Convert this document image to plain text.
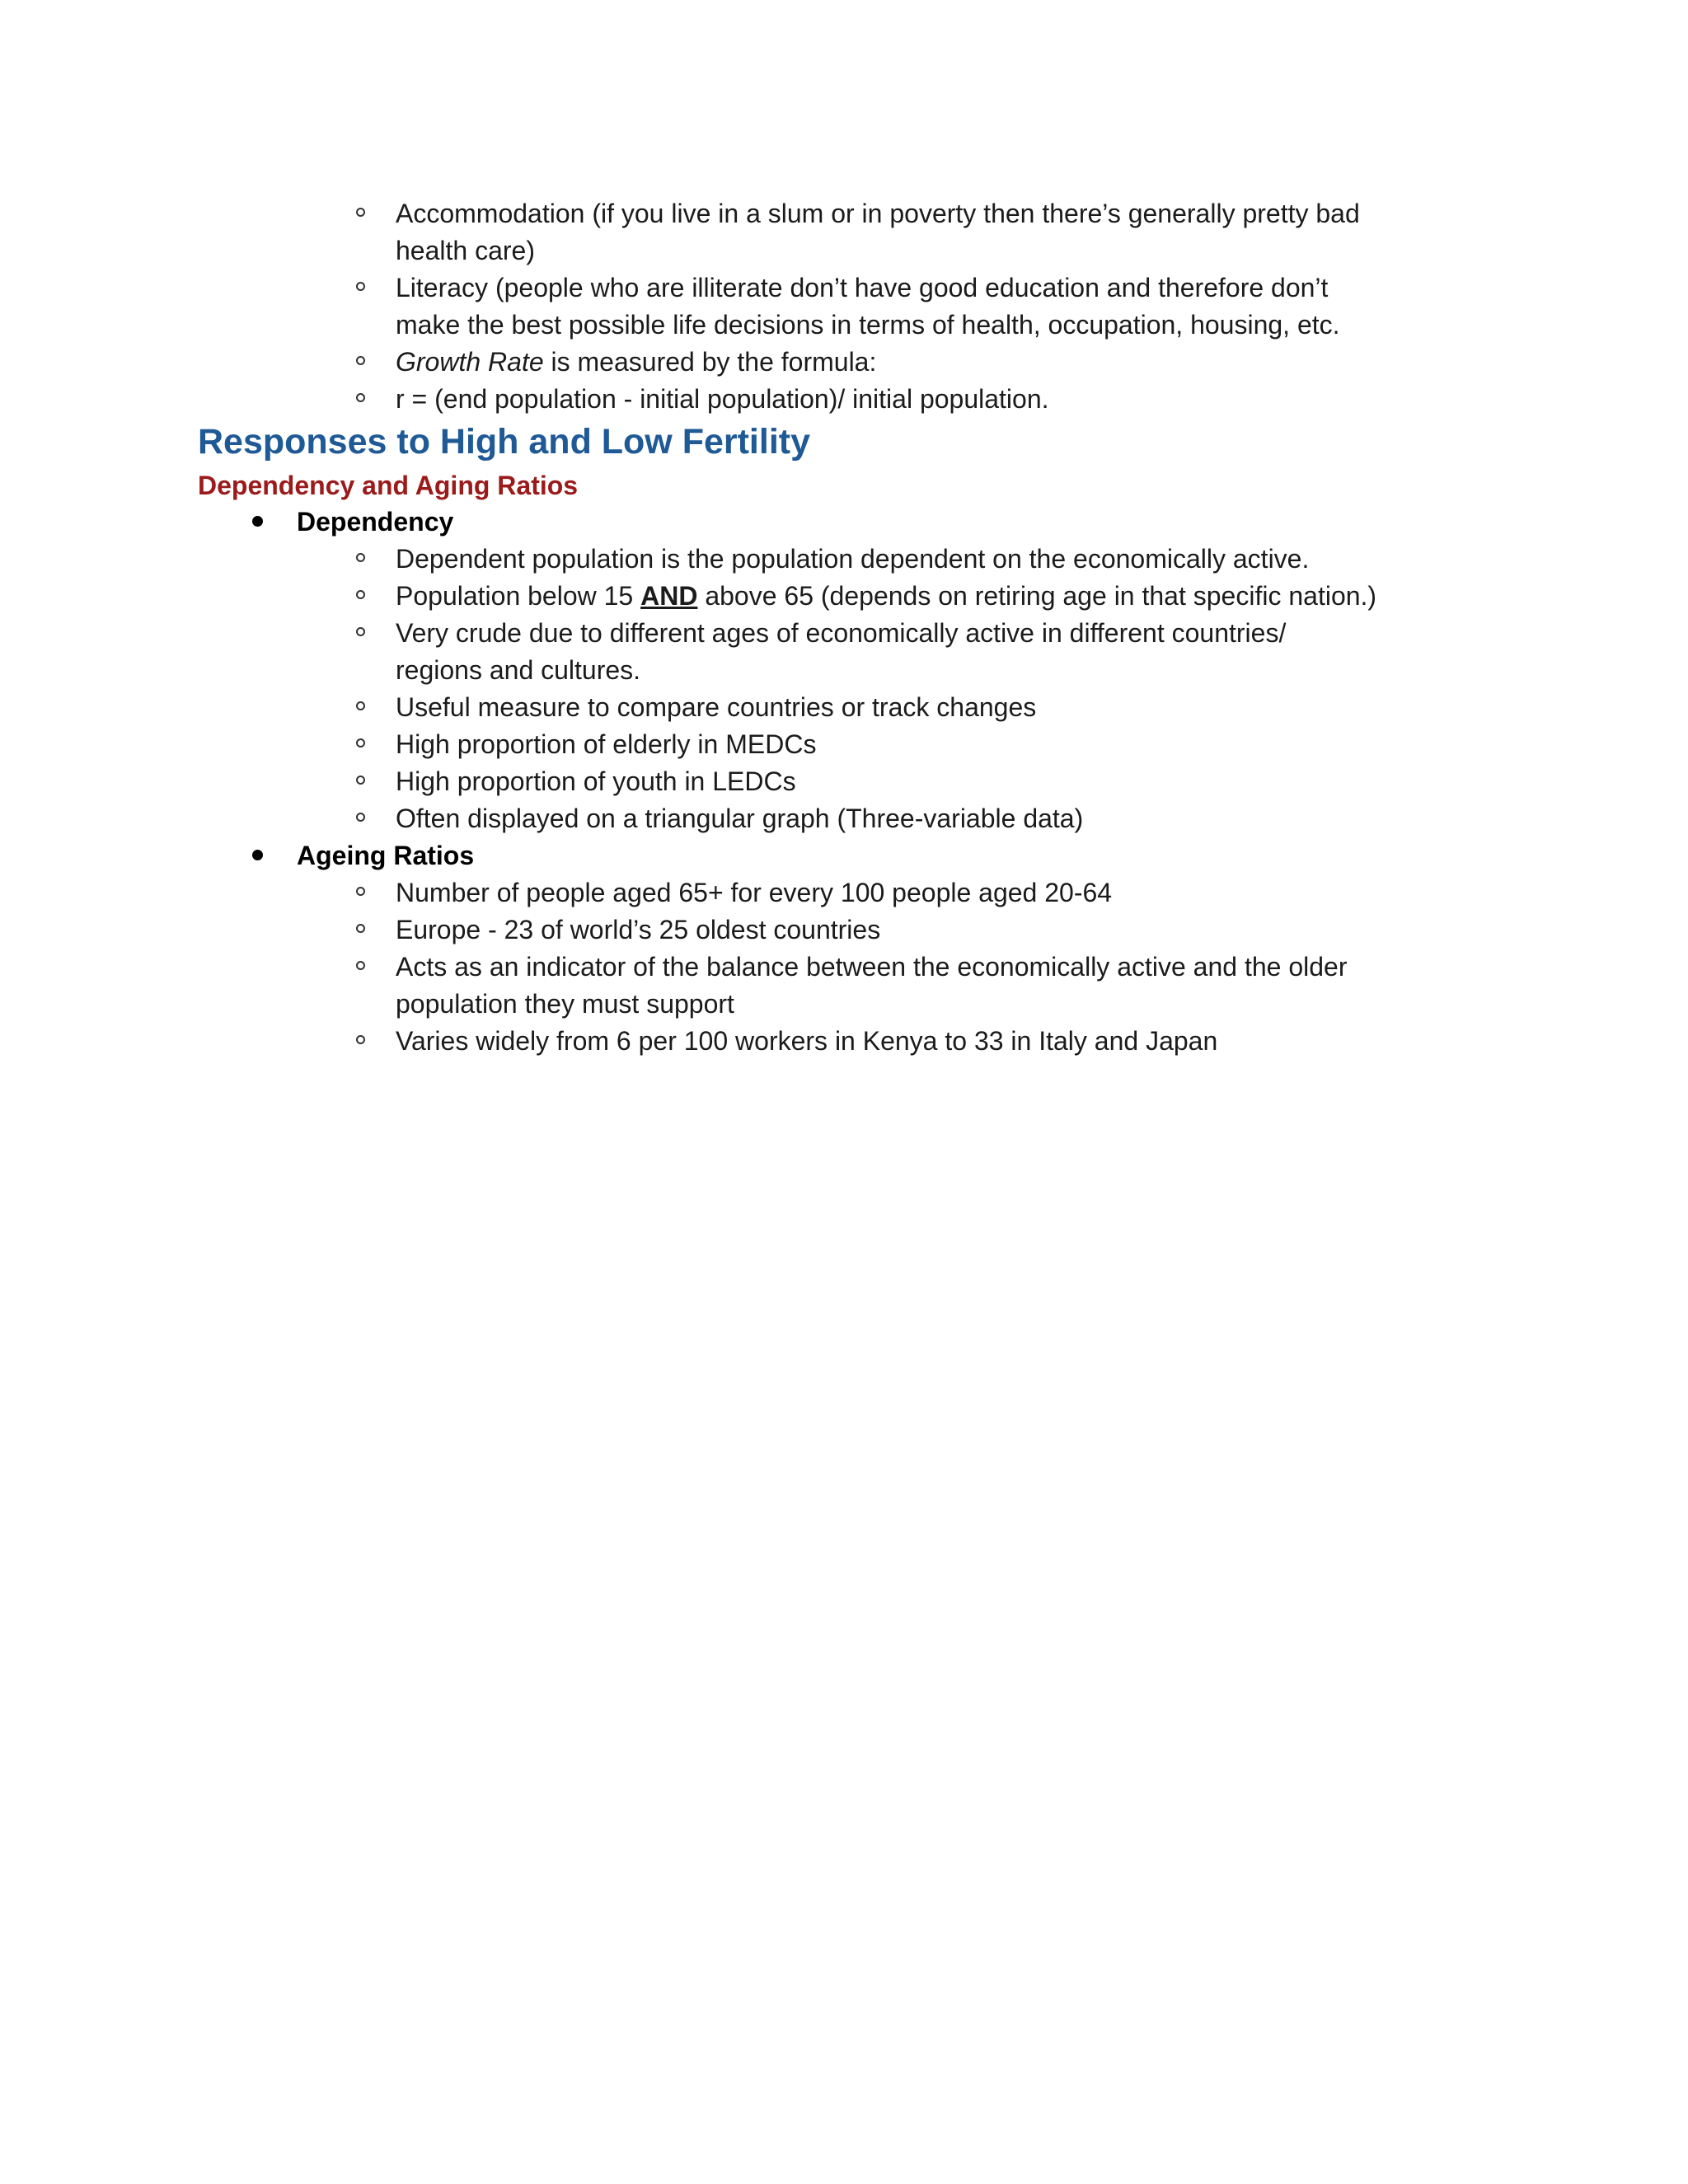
Accommodation (if you live in a slum or in poverty then there’s generally pretty bad
health care)
Literacy (people who are illiterate don’t have good education and therefore don’t
make the best possible life decisions in terms of health, occupation, housing, etc.
Growth Rate is measured by the formula:
r = (end population - initial population)/ initial population.
Responses to High and Low Fertility
Dependency and Aging Ratios
Dependency
Dependent population is the population dependent on the economically active.
Population below 15 AND above 65 (depends on retiring age in that specific nation.)
Very crude due to different ages of economically active in different countries/
regions and cultures.
Useful measure to compare countries or track changes
High proportion of elderly in MEDCs
High proportion of youth in LEDCs
Often displayed on a triangular graph (Three-variable data)
Ageing Ratios
Number of people aged 65+ for every 100 people aged 20-64
Europe - 23 of world’s 25 oldest countries
Acts as an indicator of the balance between the economically active and the older
population they must support
Varies widely from 6 per 100 workers in Kenya to 33 in Italy and Japan
